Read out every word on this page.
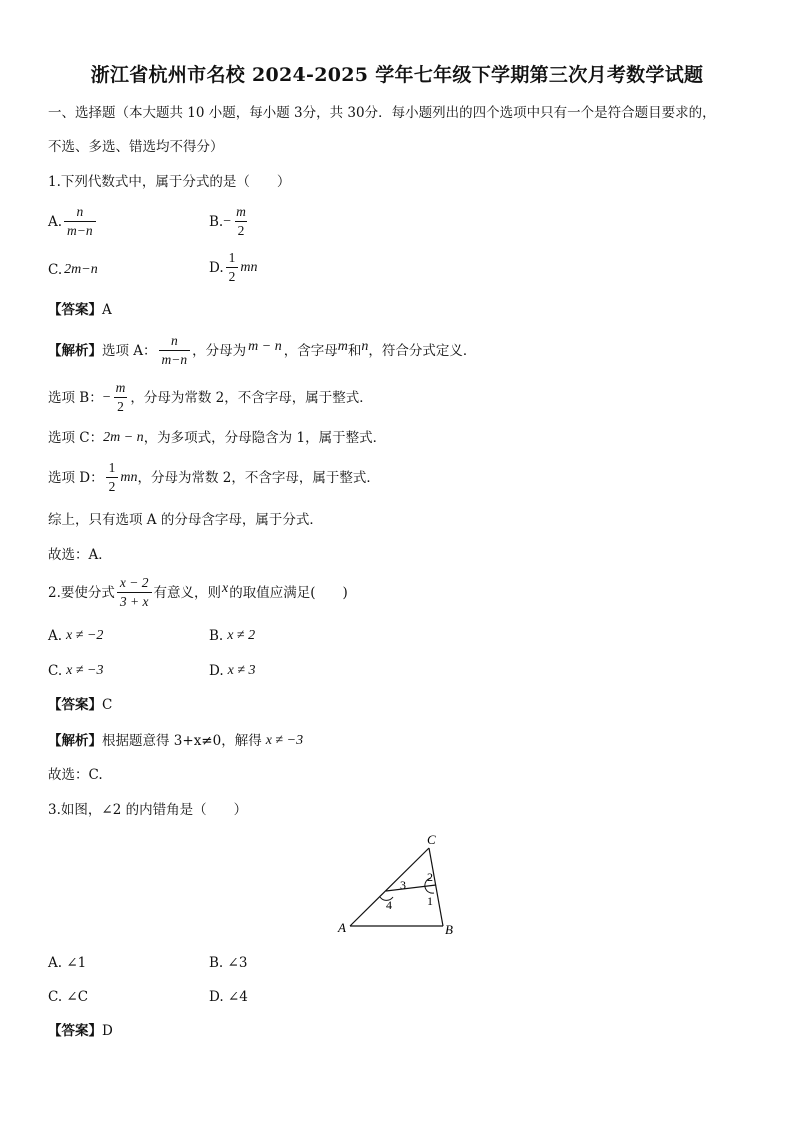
浙江省杭州市名校 2024-2025 学年七年级下学期第三次月考数学试题
一、选择题（本大题共 10 小题，每小题 3分，共 30分．每小题列出的四个选项中只有一个是符合题目要求的，
不选、多选、错选均不得分）
1.下列代数式中，属于分式的是（　　）
A. $\frac{n}{m-n}$	B. − $\frac{m}{2}$
C. 2m−n	D. $\frac{1}{2}$ mn
【答案】A
【解析】 选项 A： $\frac{n}{m-n}$ ，分母为 m − n ，含字母 m 和 n ，符合分式定义．
选项 B： − $\frac{m}{2}$ ，分母为常数 2，不含字母，属于整式．
选项 C： 2m − n ，为多项式，分母隐含为 1，属于整式．
选项 D： $\frac{1}{2}$ mn ，分母为常数 2，不含字母，属于整式．
综上，只有选项 A 的分母含字母，属于分式．
故选：A．
2.要使分式 $\frac{x - 2}{3 + x}$ 有意义，则 x 的取值应满足(　　)
A. x ≠ −2	B. x ≠ 2
C. x ≠ −3	D. x ≠ 3
【答案】C
【解析】 根据题意得 3+x≠0，解得 x ≠ −3
故选：C.
3.如图，∠2 的内错角是（　　）
A	B
C
2
3
4	1
A. ∠1	B. ∠3
C. ∠C	D. ∠4
【答案】D
